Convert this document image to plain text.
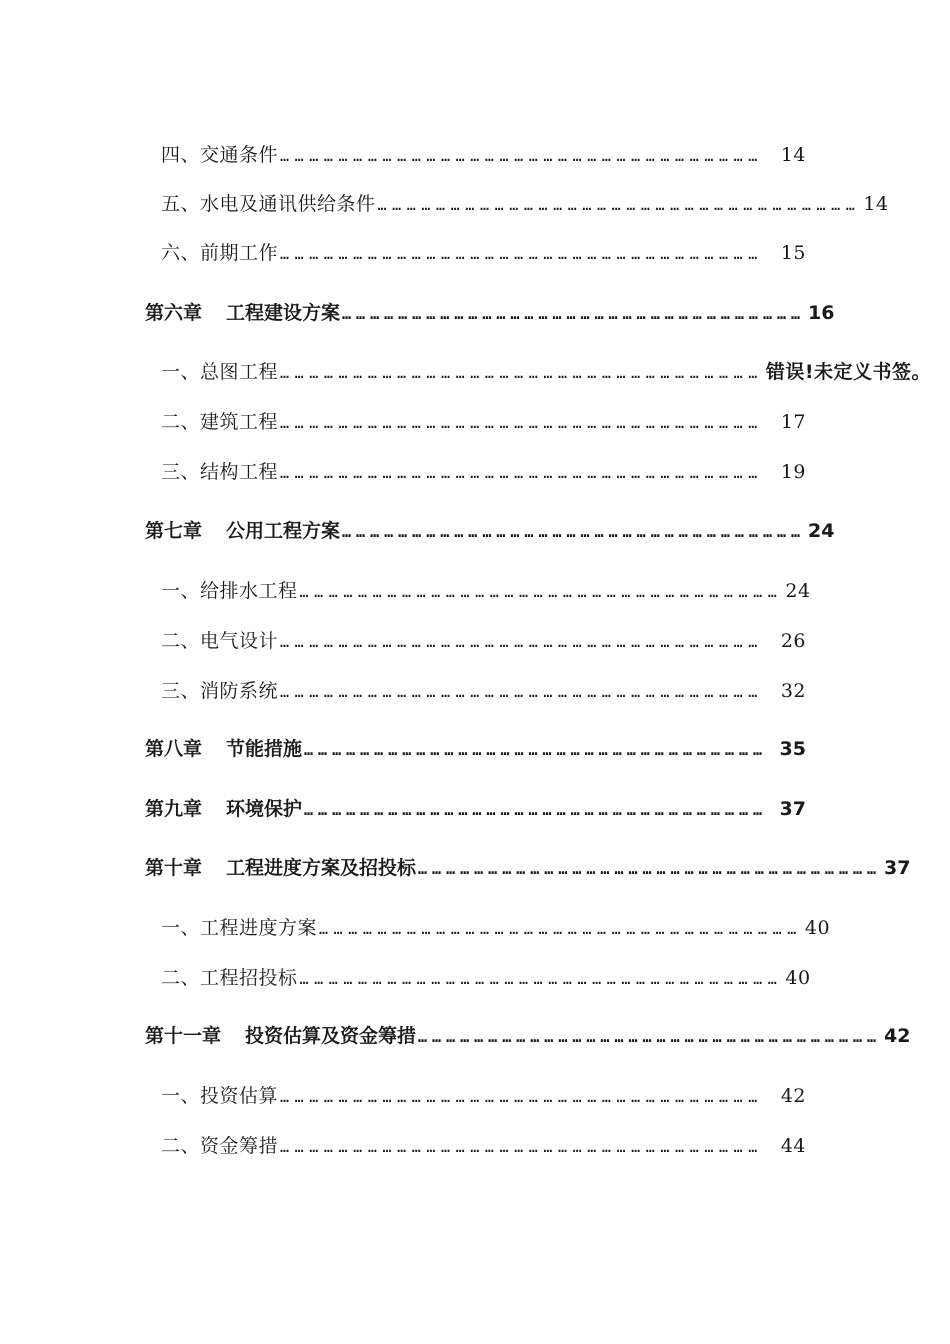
四、 交通条件 ……………………………………………………………………………………… 14
五、 水电及通讯供给条件 ……………………………………………………………………………………… 14
六、 前期工作 ……………………………………………………………………………………… 15
第六章 工程建设方案 ……………………………………………………………………………………… 16
一、 总图工程 ……………………………………………………………………………………… 错误!未定义书签。
二、 建筑工程 ……………………………………………………………………………………… 17
三、 结构工程 ……………………………………………………………………………………… 19
第七章 公用工程方案 ……………………………………………………………………………………… 24
一、 给排水工程 ……………………………………………………………………………………… 24
二、 电气设计 ……………………………………………………………………………………… 26
三、 消防系统 ……………………………………………………………………………………… 32
第八章 节能措施 ……………………………………………………………………………………… 35
第九章 环境保护 ……………………………………………………………………………………… 37
第十章 工程进度方案及招投标 ……………………………………………………………………………………… 37
一、 工程进度方案 ……………………………………………………………………………………… 40
二、 工程招投标 ……………………………………………………………………………………… 40
第十一章 投资估算及资金筹措 ……………………………………………………………………………………… 42
一、 投资估算 ……………………………………………………………………………………… 42
二、 资金筹措 ……………………………………………………………………………………… 44
